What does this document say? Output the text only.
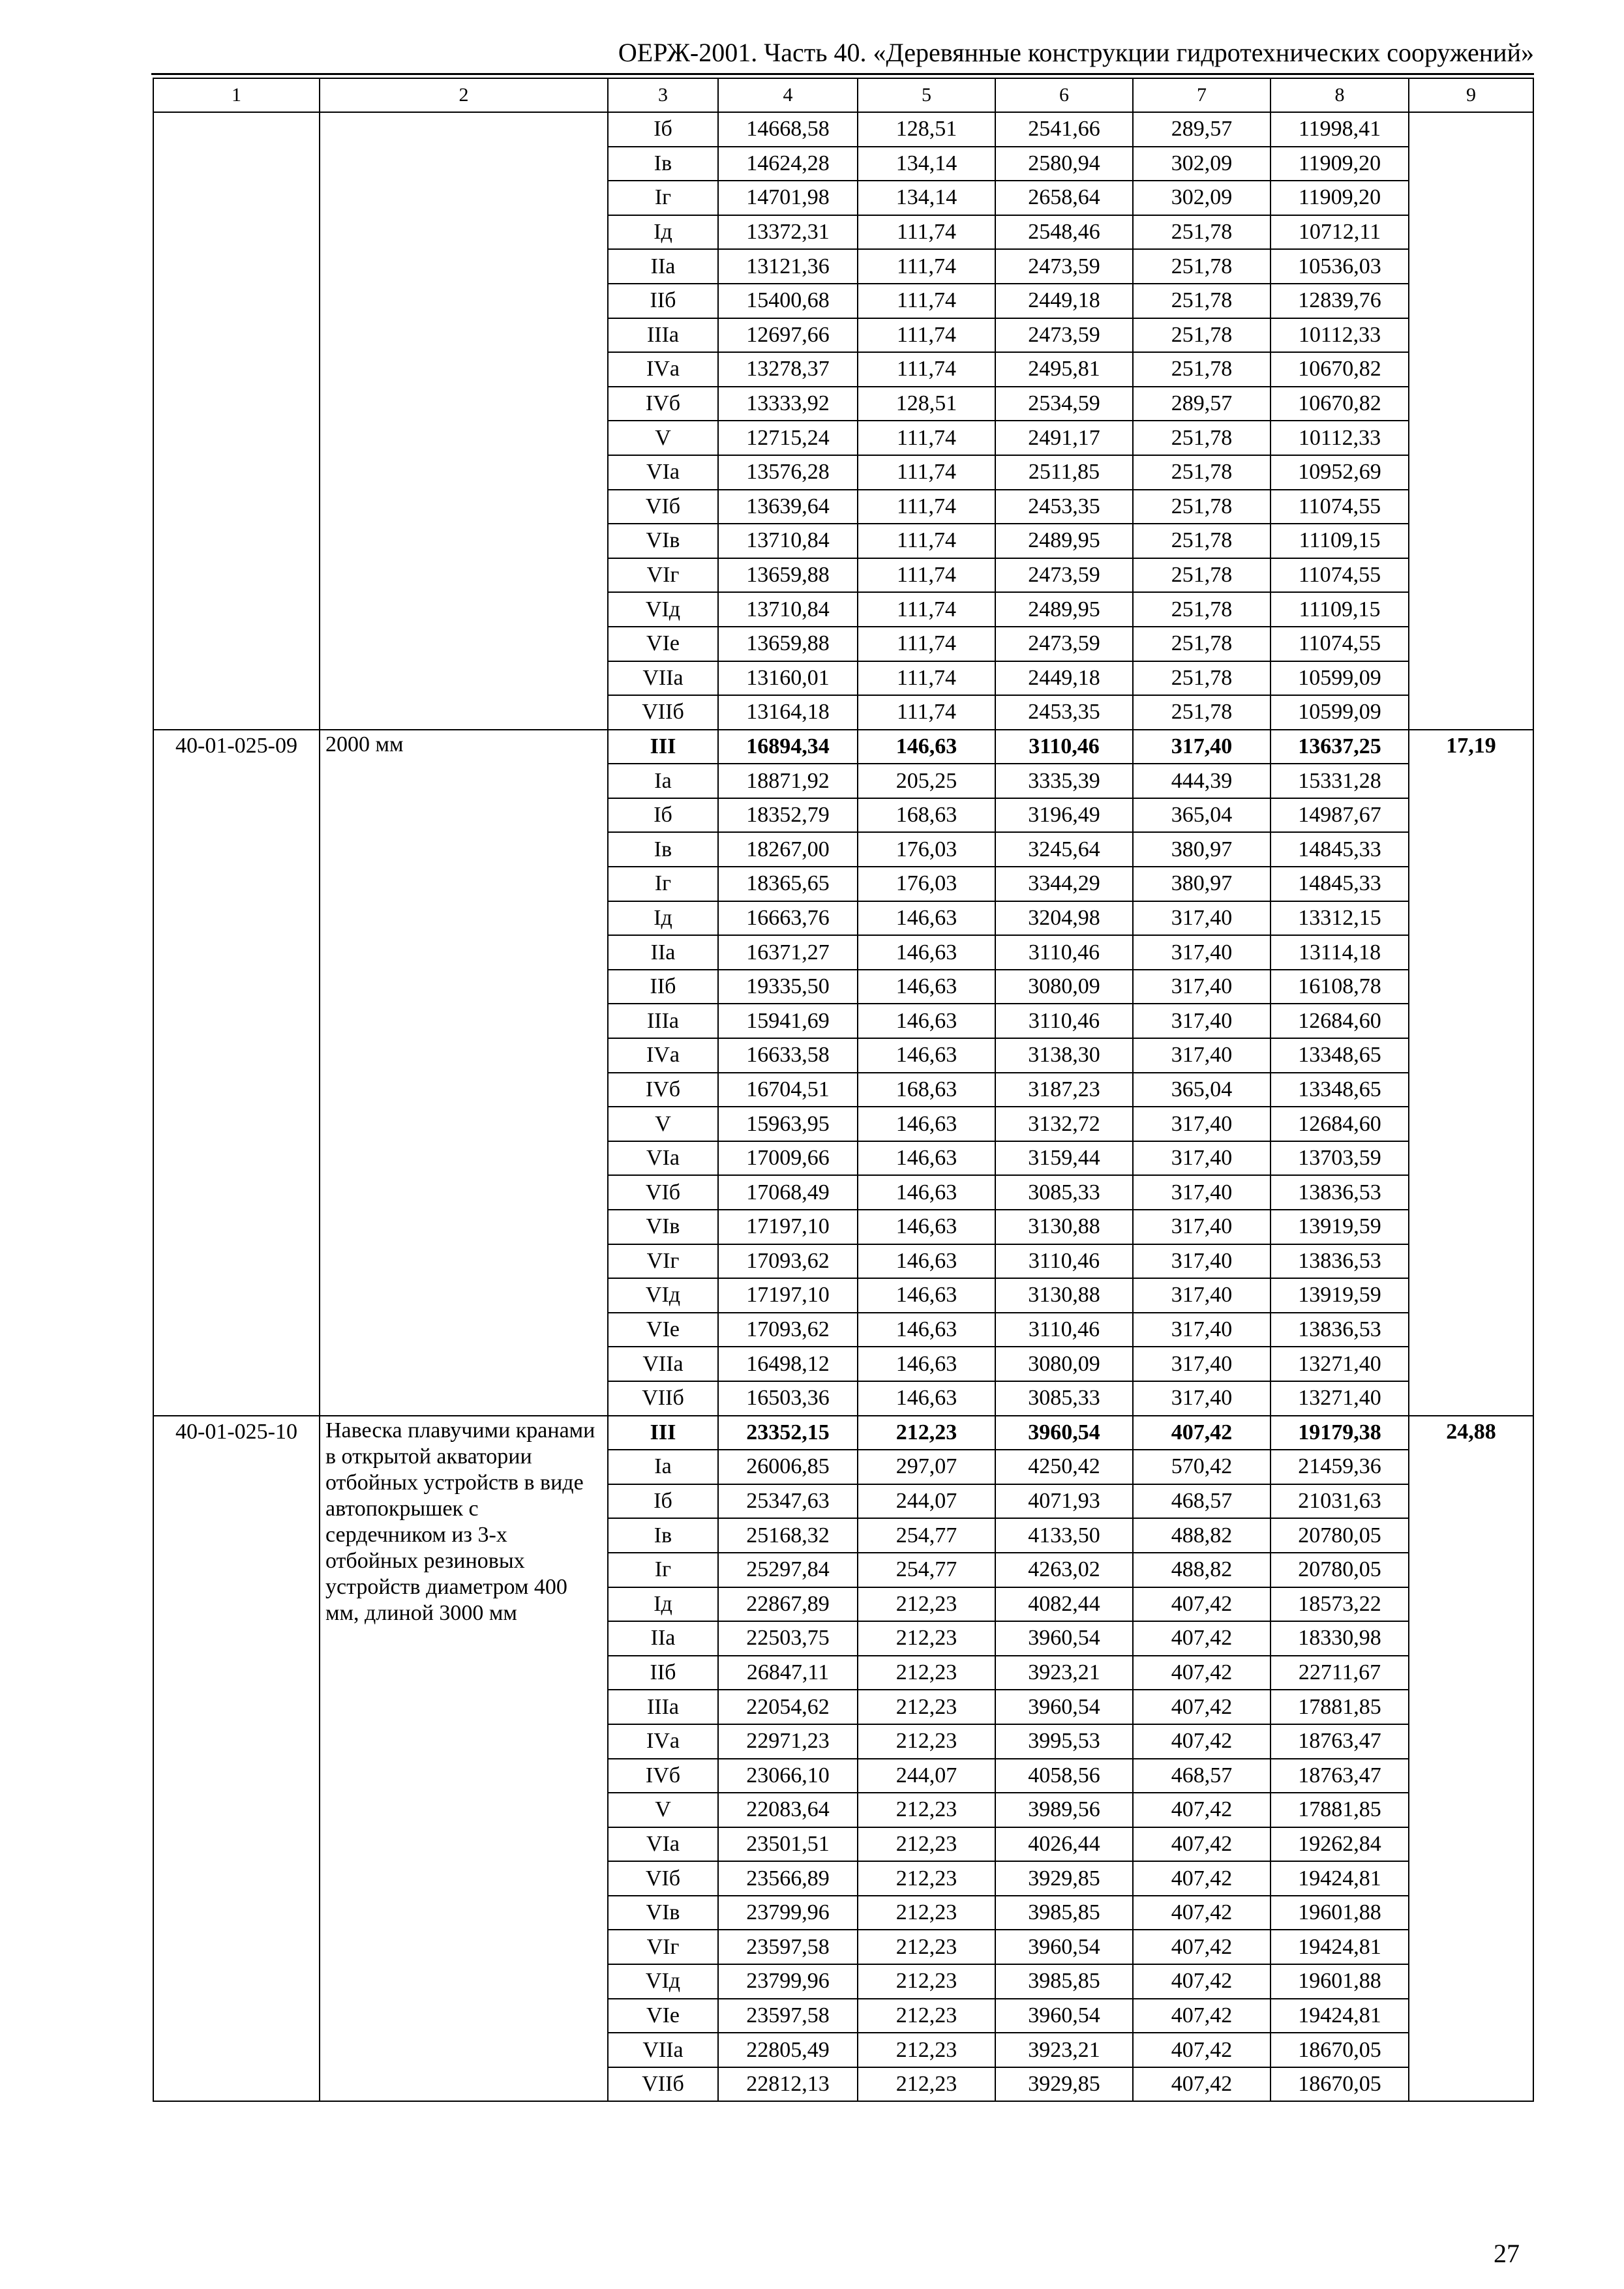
ОЕРЖ-2001. Часть 40. «Деревянные конструкции гидротехнических сооружений»
1	2	3	4	5	6	7	8	9
		Iб	14668,58	128,51	2541,66	289,57	11998,41	
		Iв	14624,28	134,14	2580,94	302,09	11909,20	
		Iг	14701,98	134,14	2658,64	302,09	11909,20	
		Iд	13372,31	111,74	2548,46	251,78	10712,11	
		IIа	13121,36	111,74	2473,59	251,78	10536,03	
		IIб	15400,68	111,74	2449,18	251,78	12839,76	
		IIIа	12697,66	111,74	2473,59	251,78	10112,33	
		IVа	13278,37	111,74	2495,81	251,78	10670,82	
		IVб	13333,92	128,51	2534,59	289,57	10670,82	
		V	12715,24	111,74	2491,17	251,78	10112,33	
		VIа	13576,28	111,74	2511,85	251,78	10952,69	
		VIб	13639,64	111,74	2453,35	251,78	11074,55	
		VIв	13710,84	111,74	2489,95	251,78	11109,15	
		VIг	13659,88	111,74	2473,59	251,78	11074,55	
		VIд	13710,84	111,74	2489,95	251,78	11109,15	
		VIе	13659,88	111,74	2473,59	251,78	11074,55	
		VIIа	13160,01	111,74	2449,18	251,78	10599,09	
		VIIб	13164,18	111,74	2453,35	251,78	10599,09	
40-01-025-09	2000 мм	III	16894,34	146,63	3110,46	317,40	13637,25	17,19
		Iа	18871,92	205,25	3335,39	444,39	15331,28	
		Iб	18352,79	168,63	3196,49	365,04	14987,67	
		Iв	18267,00	176,03	3245,64	380,97	14845,33	
		Iг	18365,65	176,03	3344,29	380,97	14845,33	
		Iд	16663,76	146,63	3204,98	317,40	13312,15	
		IIа	16371,27	146,63	3110,46	317,40	13114,18	
		IIб	19335,50	146,63	3080,09	317,40	16108,78	
		IIIа	15941,69	146,63	3110,46	317,40	12684,60	
		IVа	16633,58	146,63	3138,30	317,40	13348,65	
		IVб	16704,51	168,63	3187,23	365,04	13348,65	
		V	15963,95	146,63	3132,72	317,40	12684,60	
		VIа	17009,66	146,63	3159,44	317,40	13703,59	
		VIб	17068,49	146,63	3085,33	317,40	13836,53	
		VIв	17197,10	146,63	3130,88	317,40	13919,59	
		VIг	17093,62	146,63	3110,46	317,40	13836,53	
		VIд	17197,10	146,63	3130,88	317,40	13919,59	
		VIе	17093,62	146,63	3110,46	317,40	13836,53	
		VIIа	16498,12	146,63	3080,09	317,40	13271,40	
		VIIб	16503,36	146,63	3085,33	317,40	13271,40	
40-01-025-10	Навеска плавучими кранами в открытой акватории отбойных устройств в виде автопокрышек с сердечником из 3-х отбойных резиновых устройств диаметром 400 мм, длиной 3000 мм	III	23352,15	212,23	3960,54	407,42	19179,38	24,88
		Iа	26006,85	297,07	4250,42	570,42	21459,36	
		Iб	25347,63	244,07	4071,93	468,57	21031,63	
		Iв	25168,32	254,77	4133,50	488,82	20780,05	
		Iг	25297,84	254,77	4263,02	488,82	20780,05	
		Iд	22867,89	212,23	4082,44	407,42	18573,22	
		IIа	22503,75	212,23	3960,54	407,42	18330,98	
		IIб	26847,11	212,23	3923,21	407,42	22711,67	
		IIIа	22054,62	212,23	3960,54	407,42	17881,85	
		IVа	22971,23	212,23	3995,53	407,42	18763,47	
		IVб	23066,10	244,07	4058,56	468,57	18763,47	
		V	22083,64	212,23	3989,56	407,42	17881,85	
		VIа	23501,51	212,23	4026,44	407,42	19262,84	
		VIб	23566,89	212,23	3929,85	407,42	19424,81	
		VIв	23799,96	212,23	3985,85	407,42	19601,88	
		VIг	23597,58	212,23	3960,54	407,42	19424,81	
		VIд	23799,96	212,23	3985,85	407,42	19601,88	
		VIе	23597,58	212,23	3960,54	407,42	19424,81	
		VIIа	22805,49	212,23	3923,21	407,42	18670,05	
		VIIб	22812,13	212,23	3929,85	407,42	18670,05	
27
